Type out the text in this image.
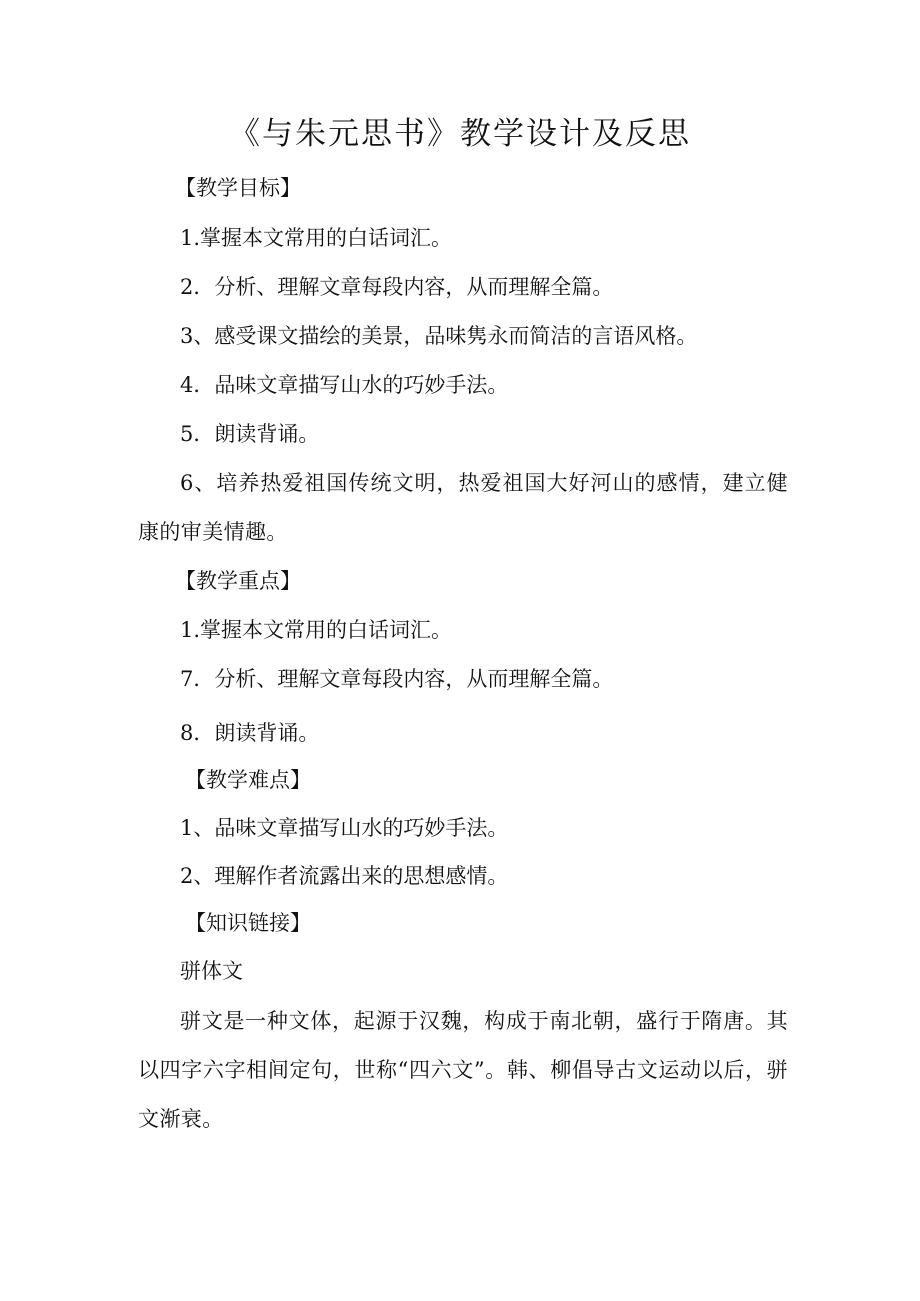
《与朱元思书》教学设计及反思
【教学目标】
1.掌握本文常用的白话词汇。
2．分析、理解文章每段内容，从而理解全篇。
3、感受课文描绘的美景，品味隽永而简洁的言语风格。
4．品味文章描写山水的巧妙手法。
5．朗读背诵。
6、培养热爱祖国传统文明，热爱祖国大好河山的感情，建立健康的审美情趣。
【教学重点】
1.掌握本文常用的白话词汇。
7．分析、理解文章每段内容，从而理解全篇。
8．朗读背诵。
【教学难点】
1、品味文章描写山水的巧妙手法。
2、理解作者流露出来的思想感情。
【知识链接】
骈体文
骈文是一种文体，起源于汉魏，构成于南北朝，盛行于隋唐。其以四字六字相间定句，世称“四六文”。韩、柳倡导古文运动以后，骈文渐衰。
